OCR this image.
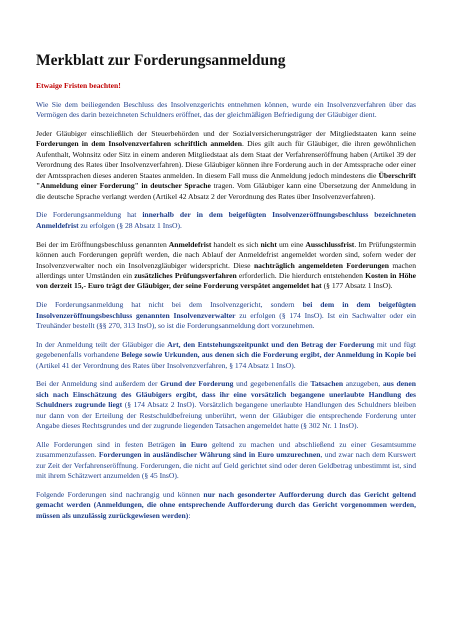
Merkblatt zur Forderungsanmeldung
Etwaige Fristen beachten!

Wie Sie dem beiliegenden Beschluss des Insolvenzgerichts entnehmen können, wurde ein Insolvenzverfahren über das Vermögen des darin bezeichneten Schuldners eröffnet, das der gleichmäßigen Befriedigung der Gläubiger dient.

Jeder Gläubiger einschließlich der Steuerbehörden und der Sozialversicherungsträger der Mitgliedstaaten kann seine Forderungen in dem Insolvenzverfahren schriftlich anmelden. Dies gilt auch für Gläubiger, die ihren gewöhnlichen Aufenthalt, Wohnsitz oder Sitz in einem anderen Mitgliedstaat als dem Staat der Verfahrenseröffnung haben (Artikel 39 der Verordnung des Rates über Insolvenzverfahren). Diese Gläubiger können ihre Forderung auch in der Amtssprache oder einer der Amtssprachen dieses anderen Staates anmelden. In diesem Fall muss die Anmeldung jedoch mindestens die Überschrift "Anmeldung einer Forderung" in deutscher Sprache tragen. Vom Gläubiger kann eine Übersetzung der Anmeldung in die deutsche Sprache verlangt werden (Artikel 42 Absatz 2 der Verordnung des Rates über Insolvenzverfahren).

Die Forderungsanmeldung hat innerhalb der in dem beigefügten Insolvenzeröffnungsbeschluss bezeichneten Anmeldefrist zu erfolgen (§ 28 Absatz 1 InsO).

Bei der im Eröffnungsbeschluss genannten Anmeldefrist handelt es sich nicht um eine Ausschlussfrist. Im Prüfungstermin können auch Forderungen geprüft werden, die nach Ablauf der Anmeldefrist angemeldet worden sind, sofern weder der Insolvenzverwalter noch ein Insolvenzgläubiger widerspricht. Diese nachträglich angemeldeten Forderungen machen allerdings unter Umständen ein zusätzliches Prüfungsverfahren erforderlich. Die hierdurch entstehenden Kosten in Höhe von derzeit 15,- Euro trägt der Gläubiger, der seine Forderung verspätet angemeldet hat (§ 177 Absatz 1 InsO).

Die Forderungsanmeldung hat nicht bei dem Insolvenzgericht, sondern bei dem in dem beigefügten Insolvenzeröffnungsbeschluss genannten Insolvenzverwalter zu erfolgen (§ 174 InsO). Ist ein Sachwalter oder ein Treuhänder bestellt (§§ 270, 313 InsO), so ist die Forderungsanmeldung dort vorzunehmen.

In der Anmeldung teilt der Gläubiger die Art, den Entstehungszeitpunkt und den Betrag der Forderung mit und fügt gegebenenfalls vorhandene Belege sowie Urkunden, aus denen sich die Forderung ergibt, der Anmeldung in Kopie bei (Artikel 41 der Verordnung des Rates über Insolvenzverfahren, § 174 Absatz 1 InsO).

Bei der Anmeldung sind außerdem der Grund der Forderung und gegebenenfalls die Tatsachen anzugeben, aus denen sich nach Einschätzung des Gläubigers ergibt, dass ihr eine vorsätzlich begangene unerlaubte Handlung des Schuldners zugrunde liegt (§ 174 Absatz 2 InsO). Vorsätzlich begangene unerlaubte Handlungen des Schuldners bleiben nur dann von der Erteilung der Restschuldbefreiung unberührt, wenn der Gläubiger die entsprechende Forderung unter Angabe dieses Rechtsgrundes und der zugrunde liegenden Tatsachen angemeldet hatte (§ 302 Nr. 1 InsO).

Alle Forderungen sind in festen Beträgen in Euro geltend zu machen und abschließend zu einer Gesamtsumme zusammenzufassen. Forderungen in ausländischer Währung sind in Euro umzurechnen, und zwar nach dem Kurswert zur Zeit der Verfahrenseröffnung. Forderungen, die nicht auf Geld gerichtet sind oder deren Geldbetrag unbestimmt ist, sind mit ihrem Schätzwert anzumelden (§ 45 InsO).

Folgende Forderungen sind nachrangig und können nur nach gesonderter Aufforderung durch das Gericht geltend gemacht werden (Anmeldungen, die ohne entsprechende Aufforderung durch das Gericht vorgenommen werden, müssen als unzulässig zurückgewiesen werden):
